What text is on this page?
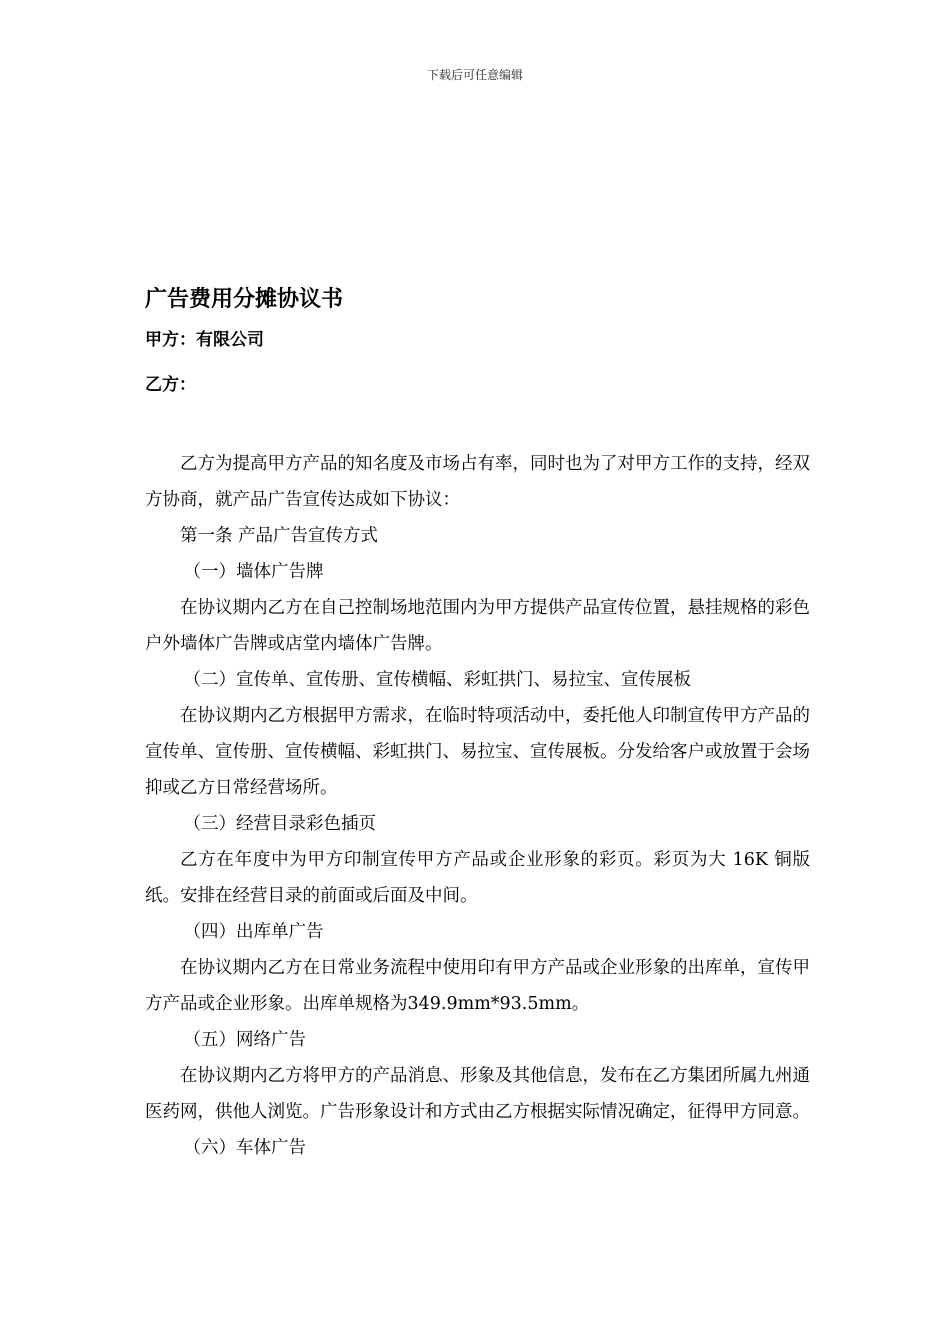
下载后可任意编辑
广告费用分摊协议书

甲方：有限公司

乙方：

乙方为提高甲方产品的知名度及市场占有率，同时也为了对甲方工作的支持，经双方协商，就产品广告宣传达成如下协议：

第一条 产品广告宣传方式

（一）墙体广告牌

在协议期内乙方在自己控制场地范围内为甲方提供产品宣传位置，悬挂规格的彩色户外墙体广告牌或店堂内墙体广告牌。

（二）宣传单、宣传册、宣传横幅、彩虹拱门、易拉宝、宣传展板

在协议期内乙方根据甲方需求，在临时特项活动中，委托他人印制宣传甲方产品的宣传单、宣传册、宣传横幅、彩虹拱门、易拉宝、宣传展板。分发给客户或放置于会场抑或乙方日常经营场所。

（三）经营目录彩色插页

乙方在年度中为甲方印制宣传甲方产品或企业形象的彩页。彩页为大 16K 铜版纸。安排在经营目录的前面或后面及中间。

（四）出库单广告

在协议期内乙方在日常业务流程中使用印有甲方产品或企业形象的出库单，宣传甲方产品或企业形象。出库单规格为349.9mm*93.5mm。

（五）网络广告

在协议期内乙方将甲方的产品消息、形象及其他信息，发布在乙方集团所属九州通医药网，供他人浏览。广告形象设计和方式由乙方根据实际情况确定，征得甲方同意。

（六）车体广告
